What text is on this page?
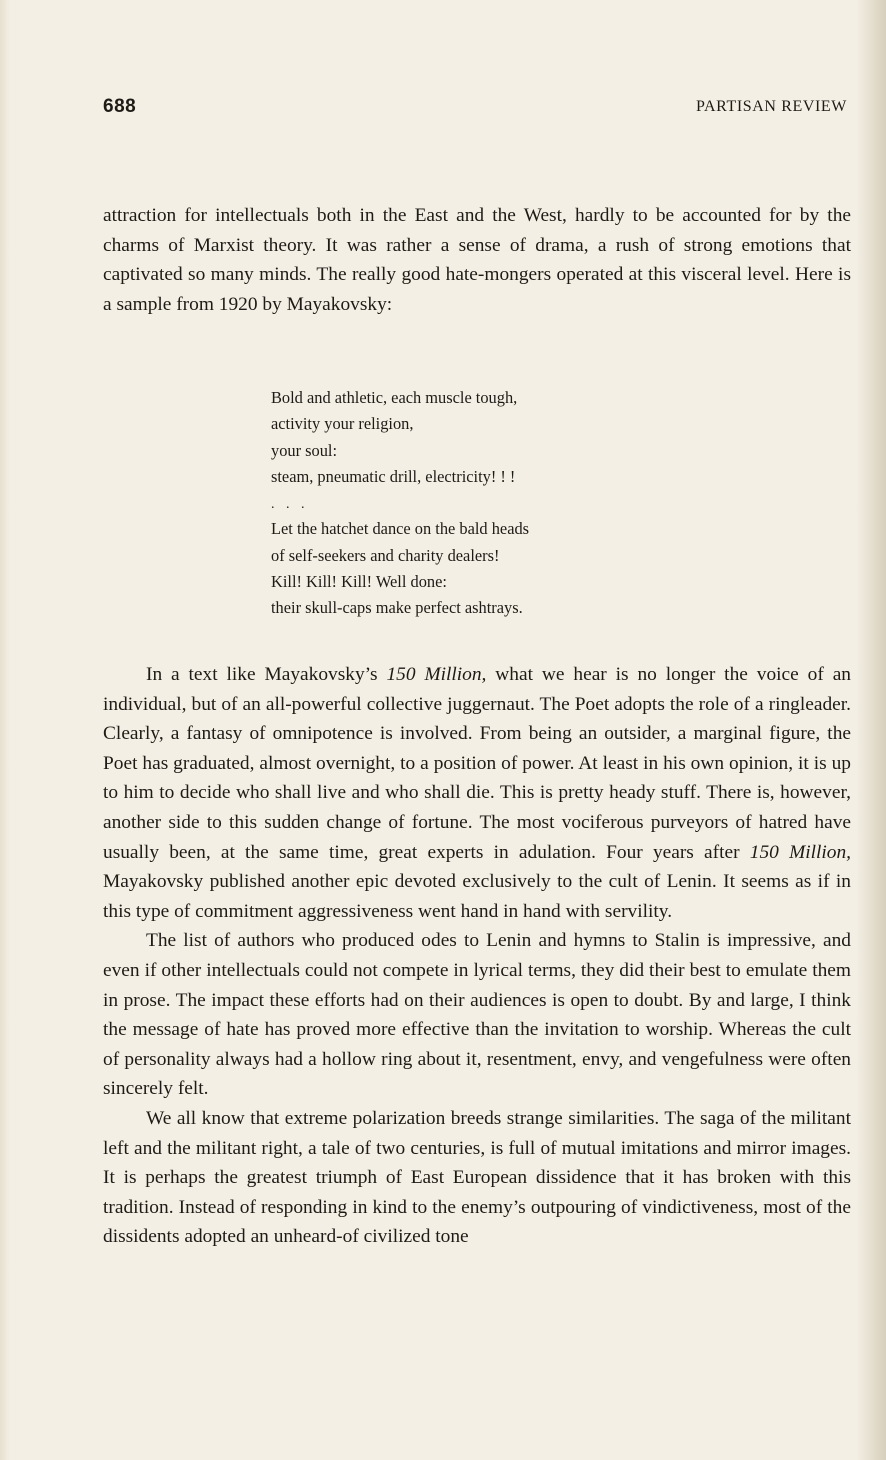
688	PARTISAN REVIEW

attraction for intellectuals both in the East and the West, hardly to be accounted for by the charms of Marxist theory. It was rather a sense of drama, a rush of strong emotions that captivated so many minds. The really good hate-mongers operated at this visceral level. Here is a sample from 1920 by Mayakovsky:

Bold and athletic, each muscle tough,
activity your religion,
your soul:
steam, pneumatic drill, electricity! ! !
. . .
Let the hatchet dance on the bald heads
of self-seekers and charity dealers!
Kill! Kill! Kill! Well done:
their skull-caps make perfect ashtrays.

In a text like Mayakovsky’s 150 Million, what we hear is no longer the voice of an individual, but of an all-powerful collective juggernaut. The Poet adopts the role of a ringleader. Clearly, a fantasy of omnipotence is involved. From being an outsider, a marginal figure, the Poet has graduated, almost overnight, to a position of power. At least in his own opinion, it is up to him to decide who shall live and who shall die. This is pretty heady stuff. There is, however, another side to this sudden change of fortune. The most vociferous purveyors of hatred have usually been, at the same time, great experts in adulation. Four years after 150 Million, Mayakovsky published another epic devoted exclusively to the cult of Lenin. It seems as if in this type of commitment aggressiveness went hand in hand with servility.

The list of authors who produced odes to Lenin and hymns to Stalin is impressive, and even if other intellectuals could not compete in lyrical terms, they did their best to emulate them in prose. The impact these efforts had on their audiences is open to doubt. By and large, I think the message of hate has proved more effective than the invitation to worship. Whereas the cult of personality always had a hollow ring about it, resentment, envy, and vengefulness were often sincerely felt.

We all know that extreme polarization breeds strange similarities. The saga of the militant left and the militant right, a tale of two centuries, is full of mutual imitations and mirror images. It is perhaps the greatest triumph of East European dissidence that it has broken with this tradition. Instead of responding in kind to the enemy’s outpouring of vindictiveness, most of the dissidents adopted an unheard-of civilized tone
